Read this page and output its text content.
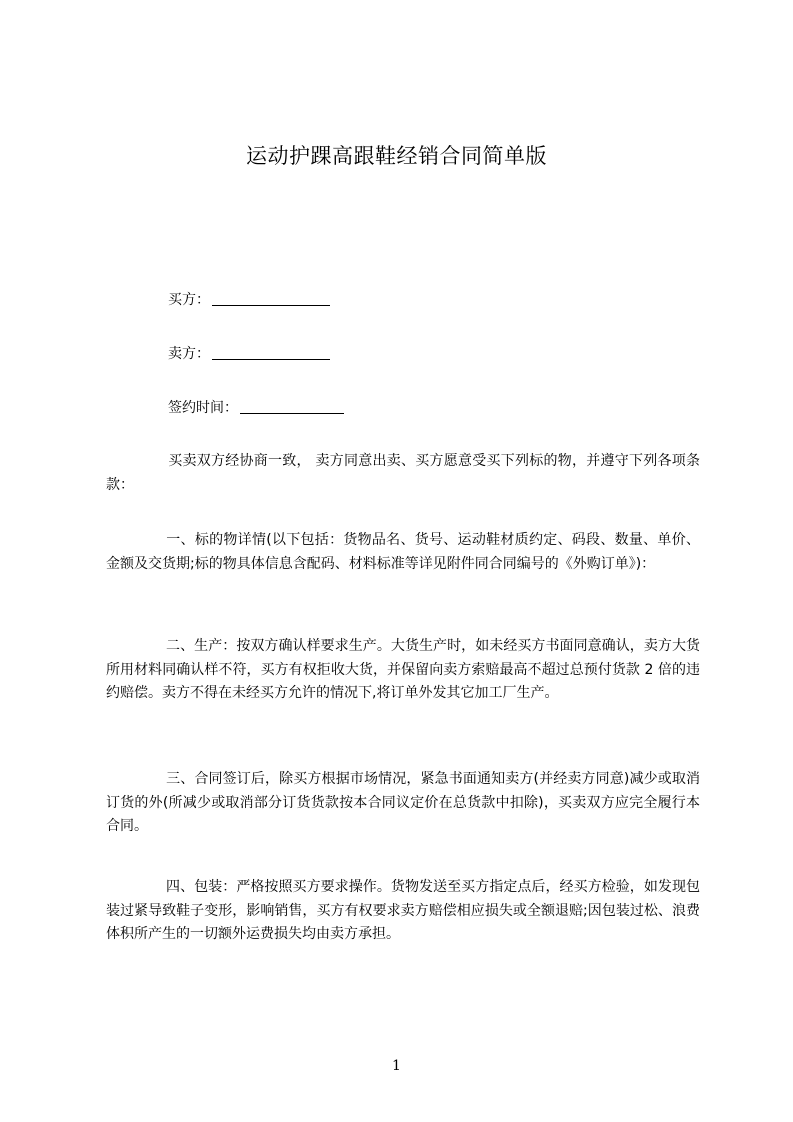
运动护踝高跟鞋经销合同简单版
买方：
卖方：
签约时间：
买卖双方经协商一致， 卖方同意出卖、买方愿意受买下列标的物，并遵守下列各项条款：
一、标的物详情(以下包括：货物品名、货号、运动鞋材质约定、码段、数量、单价、金额及交货期;标的物具体信息含配码、材料标准等详见附件同合同编号的《外购订单》)：
二、生产：按双方确认样要求生产。大货生产时，如未经买方书面同意确认，卖方大货所用材料同确认样不符，买方有权拒收大货，并保留向卖方索赔最高不超过总预付货款 2 倍的违约赔偿。卖方不得在未经买方允许的情况下,将订单外发其它加工厂生产。
三、合同签订后，除买方根据市场情况，紧急书面通知卖方(并经卖方同意)减少或取消订货的外(所减少或取消部分订货货款按本合同议定价在总货款中扣除)，买卖双方应完全履行本合同。
四、包装：严格按照买方要求操作。货物发送至买方指定点后，经买方检验，如发现包装过紧导致鞋子变形，影响销售，买方有权要求卖方赔偿相应损失或全额退赔;因包装过松、浪费体积所产生的一切额外运费损失均由卖方承担。
1
